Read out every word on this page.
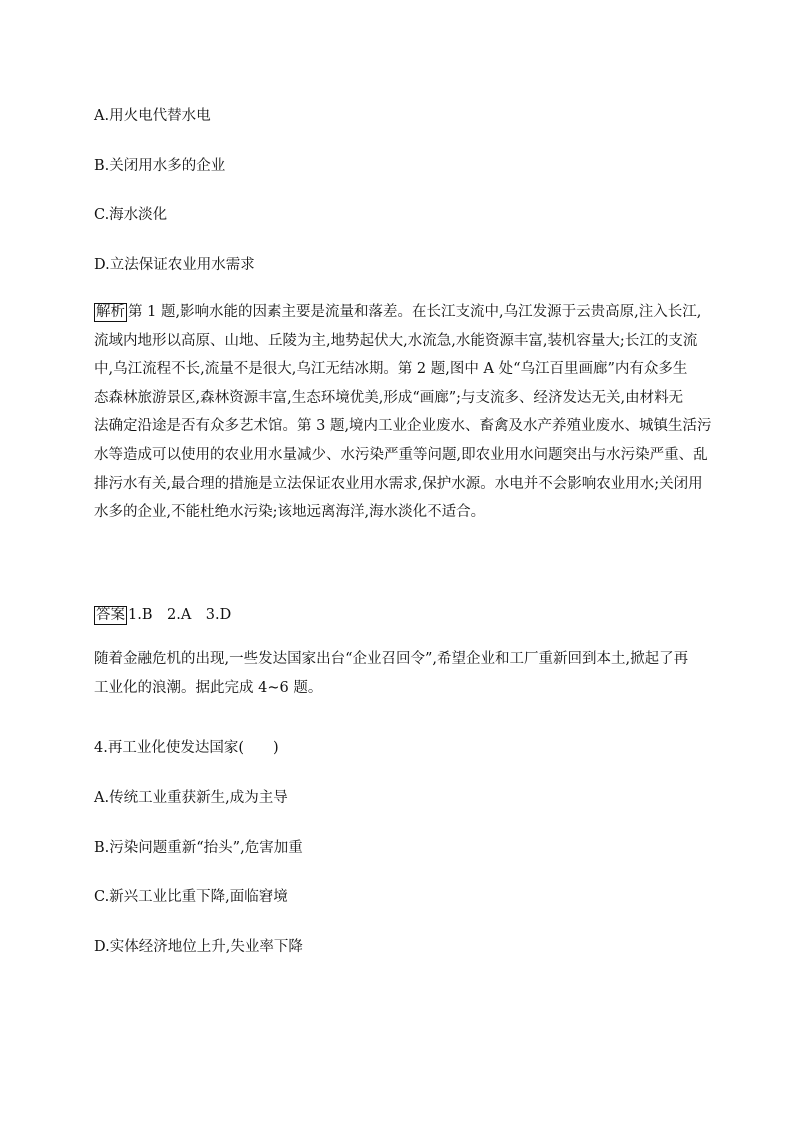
A.用火电代替水电
B.关闭用水多的企业
C.海水淡化
D.立法保证农业用水需求
解析 第 1 题,影响水能的因素主要是流量和落差。在长江支流中,乌江发源于云贵高原,注入长江,
流域内地形以高原、山地、丘陵为主,地势起伏大,水流急,水能资源丰富,装机容量大;长江的支流
中,乌江流程不长,流量不是很大,乌江无结冰期。第 2 题,图中 A 处“乌江百里画廊”内有众多生
态森林旅游景区,森林资源丰富,生态环境优美,形成“画廊”;与支流多、经济发达无关,由材料无
法确定沿途是否有众多艺术馆。第 3 题,境内工业企业废水、畜禽及水产养殖业废水、城镇生活污
水等造成可以使用的农业用水量减少、水污染严重等问题,即农业用水问题突出与水污染严重、乱
排污水有关,最合理的措施是立法保证农业用水需求,保护水源。水电并不会影响农业用水;关闭用
水多的企业,不能杜绝水污染;该地远离海洋,海水淡化不适合。
答案 1.B　2.A　3.D
随着金融危机的出现,一些发达国家出台“企业召回令”,希望企业和工厂重新回到本土,掀起了再
工业化的浪潮。据此完成 4~6 题。
4.再工业化使发达国家(　　)
A.传统工业重获新生,成为主导
B.污染问题重新“抬头”,危害加重
C.新兴工业比重下降,面临窘境
D.实体经济地位上升,失业率下降
